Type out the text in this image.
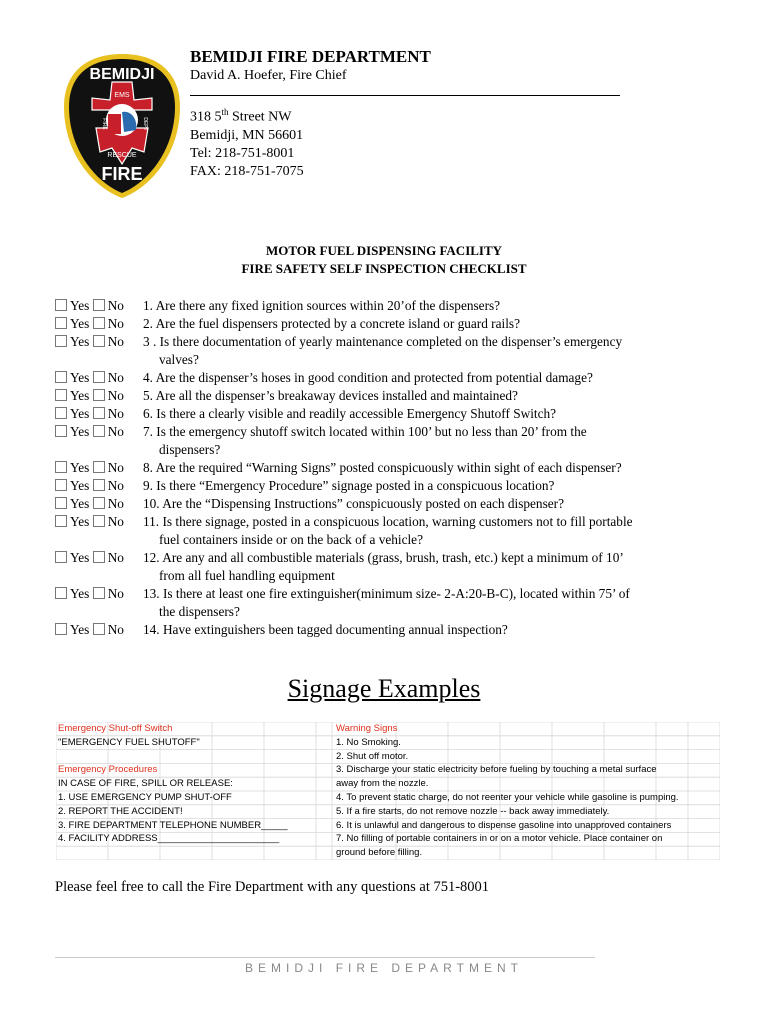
BEMIDJI
EMS
FIRE	DEPT
RESCUE
FIRE
BEMIDJI FIRE DEPARTMENT
David A. Hoefer, Fire Chief
318 5th Street NW
Bemidji, MN 56601
Tel: 218-751-8001
FAX: 218-751-7075
MOTOR FUEL DISPENSING FACILITY
FIRE SAFETY SELF INSPECTION CHECKLIST
Yes No 1. Are there any fixed ignition sources within 20’of the dispensers?
Yes No 2. Are the fuel dispensers protected by a concrete island or guard rails?
Yes No 3 . Is there documentation of yearly maintenance completed on the dispenser’s emergency
valves?
Yes No 4. Are the dispenser’s hoses in good condition and protected from potential damage?
Yes No 5. Are all the dispenser’s breakaway devices installed and maintained?
Yes No 6. Is there a clearly visible and readily accessible Emergency Shutoff Switch?
Yes No 7. Is the emergency shutoff switch located within 100’ but no less than 20’ from the
dispensers?
Yes No 8. Are the required “Warning Signs” posted conspicuously within sight of each dispenser?
Yes No 9. Is there “Emergency Procedure” signage posted in a conspicuous location?
Yes No 10. Are the “Dispensing Instructions” conspicuously posted on each dispenser?
Yes No 11. Is there signage, posted in a conspicuous location, warning customers not to fill portable
fuel containers inside or on the back of a vehicle?
Yes No 12. Are any and all combustible materials (grass, brush, trash, etc.) kept a minimum of 10’
from all fuel handling equipment
Yes No 13. Is there at least one fire extinguisher(minimum size- 2-A:20-B-C), located within 75’ of
the dispensers?
Yes No 14. Have extinguishers been tagged documenting annual inspection?
Signage Examples
Emergency Shut-off Switch
"EMERGENCY FUEL SHUTOFF"
Emergency Procedures
IN CASE OF FIRE, SPILL OR RELEASE:
1. USE EMERGENCY PUMP SHUT-OFF
2. REPORT THE ACCIDENT!
3. FIRE DEPARTMENT TELEPHONE NUMBER_____
4. FACILITY ADDRESS_______________________
Warning Signs
1. No Smoking.
2. Shut off motor.
3. Discharge your static electricity before fueling by touching a metal surface
away from the nozzle.
4. To prevent static charge, do not reenter your vehicle while gasoline is pumping.
5. If a fire starts, do not remove nozzle -- back away immediately.
6. It is unlawful and dangerous to dispense gasoline into unapproved containers
7. No filling of portable containers in or on a motor vehicle. Place container on
ground before filling.
Please feel free to call the Fire Department with any questions at 751-8001
BEMIDJI FIRE DEPARTMENT
